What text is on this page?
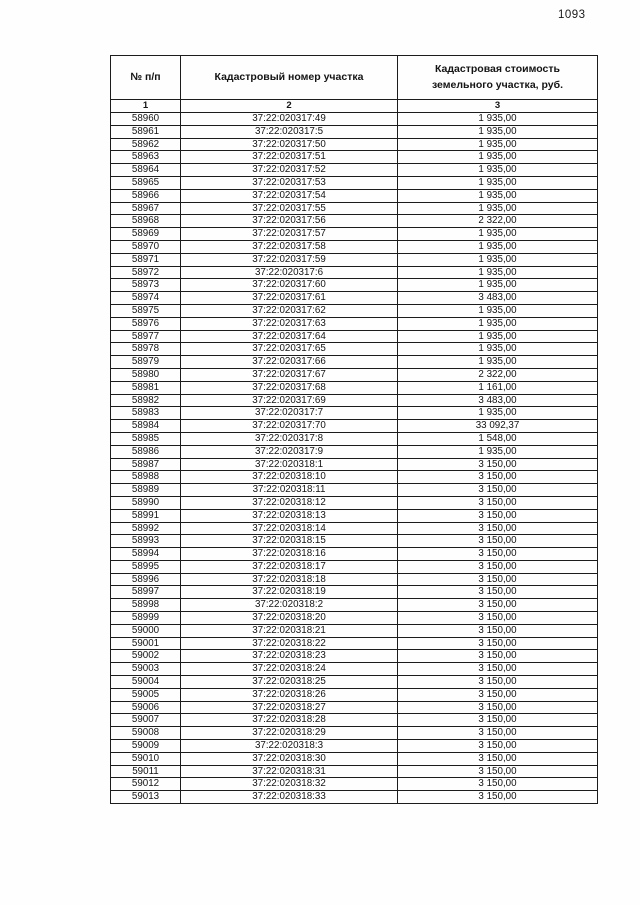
1093
№ п/п	Кадастровый номер участка	Кадастровая стоимость земельного участка, руб.
1	2	3
58960	37:22:020317:49	1 935,00
58961	37:22:020317:5	1 935,00
58962	37:22:020317:50	1 935,00
58963	37:22:020317:51	1 935,00
58964	37:22:020317:52	1 935,00
58965	37:22:020317:53	1 935,00
58966	37:22:020317:54	1 935,00
58967	37:22:020317:55	1 935,00
58968	37:22:020317:56	2 322,00
58969	37:22:020317:57	1 935,00
58970	37:22:020317:58	1 935,00
58971	37:22:020317:59	1 935,00
58972	37:22:020317:6	1 935,00
58973	37:22:020317:60	1 935,00
58974	37:22:020317:61	3 483,00
58975	37:22:020317:62	1 935,00
58976	37:22:020317:63	1 935,00
58977	37:22:020317:64	1 935,00
58978	37:22:020317:65	1 935,00
58979	37:22:020317:66	1 935,00
58980	37:22:020317:67	2 322,00
58981	37:22:020317:68	1 161,00
58982	37:22:020317:69	3 483,00
58983	37:22:020317:7	1 935,00
58984	37:22:020317:70	33 092,37
58985	37:22:020317:8	1 548,00
58986	37:22:020317:9	1 935,00
58987	37:22:020318:1	3 150,00
58988	37:22:020318:10	3 150,00
58989	37:22:020318:11	3 150,00
58990	37:22:020318:12	3 150,00
58991	37:22:020318:13	3 150,00
58992	37:22:020318:14	3 150,00
58993	37:22:020318:15	3 150,00
58994	37:22:020318:16	3 150,00
58995	37:22:020318:17	3 150,00
58996	37:22:020318:18	3 150,00
58997	37:22:020318:19	3 150,00
58998	37:22:020318:2	3 150,00
58999	37:22:020318:20	3 150,00
59000	37:22:020318:21	3 150,00
59001	37:22:020318:22	3 150,00
59002	37:22:020318:23	3 150,00
59003	37:22:020318:24	3 150,00
59004	37:22:020318:25	3 150,00
59005	37:22:020318:26	3 150,00
59006	37:22:020318:27	3 150,00
59007	37:22:020318:28	3 150,00
59008	37:22:020318:29	3 150,00
59009	37:22:020318:3	3 150,00
59010	37:22:020318:30	3 150,00
59011	37:22:020318:31	3 150,00
59012	37:22:020318:32	3 150,00
59013	37:22:020318:33	3 150,00
